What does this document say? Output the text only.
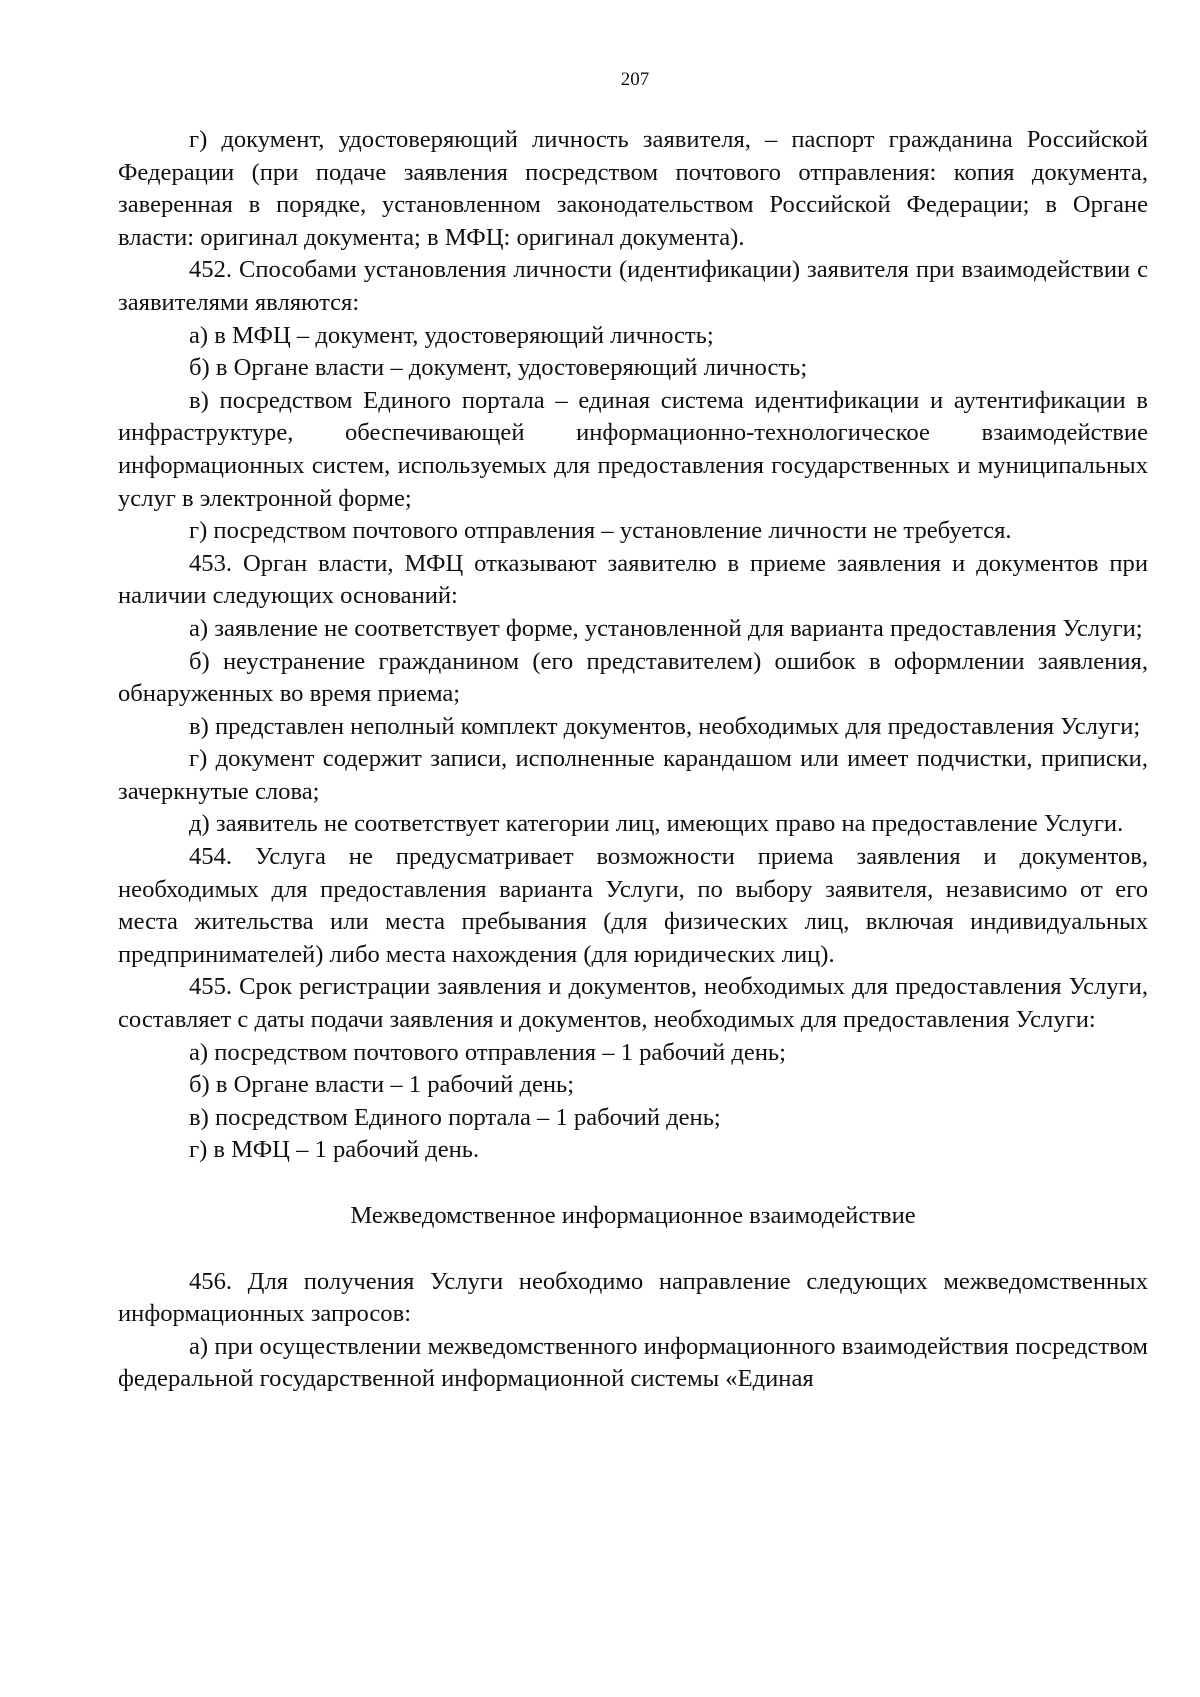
207

г) документ, удостоверяющий личность заявителя, – паспорт гражданина Российской Федерации (при подаче заявления посредством почтового отправления: копия документа, заверенная в порядке, установленном законодательством Российской Федерации; в Органе власти: оригинал документа; в МФЦ: оригинал документа).

452. Способами установления личности (идентификации) заявителя при взаимодействии с заявителями являются:

а) в МФЦ – документ, удостоверяющий личность;

б) в Органе власти – документ, удостоверяющий личность;

в) посредством Единого портала – единая система идентификации и аутентификации в инфраструктуре, обеспечивающей информационно-технологическое взаимодействие информационных систем, используемых для предоставления государственных и муниципальных услуг в электронной форме;

г) посредством почтового отправления – установление личности не требуется.

453. Орган власти, МФЦ отказывают заявителю в приеме заявления и документов при наличии следующих оснований:

а) заявление не соответствует форме, установленной для варианта предоставления Услуги;

б) неустранение гражданином (его представителем) ошибок в оформлении заявления, обнаруженных во время приема;

в) представлен неполный комплект документов, необходимых для предоставления Услуги;

г) документ содержит записи, исполненные карандашом или имеет подчистки, приписки, зачеркнутые слова;

д) заявитель не соответствует категории лиц, имеющих право на предоставление Услуги.

454. Услуга не предусматривает возможности приема заявления и документов, необходимых для предоставления варианта Услуги, по выбору заявителя, независимо от его места жительства или места пребывания (для физических лиц, включая индивидуальных предпринимателей) либо места нахождения (для юридических лиц).

455. Срок регистрации заявления и документов, необходимых для предоставления Услуги, составляет с даты подачи заявления и документов, необходимых для предоставления Услуги:

а) посредством почтового отправления – 1 рабочий день;

б) в Органе власти – 1 рабочий день;

в) посредством Единого портала – 1 рабочий день;

г) в МФЦ – 1 рабочий день.

Межведомственное информационное взаимодействие

456. Для получения Услуги необходимо направление следующих межведомственных информационных запросов:

а) при осуществлении межведомственного информационного взаимодействия посредством федеральной государственной информационной системы «Единая
